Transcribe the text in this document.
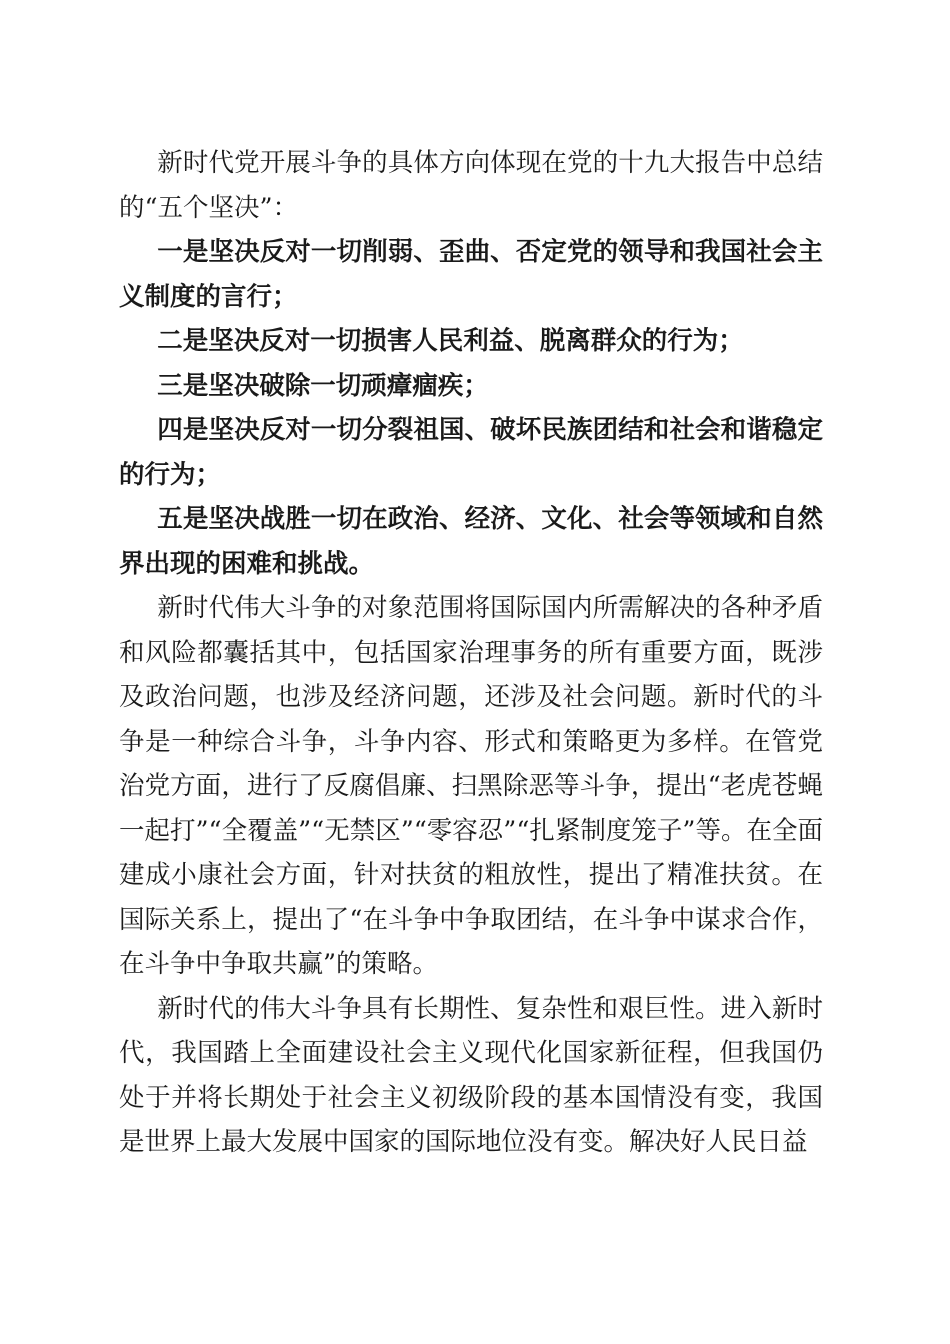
新时代党开展斗争的具体方向体现在党的十九大报告中总结的“五个坚决”：

一是坚决反对一切削弱、歪曲、否定党的领导和我国社会主义制度的言行；

二是坚决反对一切损害人民利益、脱离群众的行为；

三是坚决破除一切顽瘴痼疾；

四是坚决反对一切分裂祖国、破坏民族团结和社会和谐稳定的行为；

五是坚决战胜一切在政治、经济、文化、社会等领域和自然界出现的困难和挑战。

新时代伟大斗争的对象范围将国际国内所需解决的各种矛盾和风险都囊括其中，包括国家治理事务的所有重要方面，既涉及政治问题，也涉及经济问题，还涉及社会问题。新时代的斗争是一种综合斗争，斗争内容、形式和策略更为多样。在管党治党方面，进行了反腐倡廉、扫黑除恶等斗争，提出“老虎苍蝇一起打”“全覆盖”“无禁区”“零容忍”“扎紧制度笼子”等。在全面建成小康社会方面，针对扶贫的粗放性，提出了精准扶贫。在国际关系上，提出了“在斗争中争取团结，在斗争中谋求合作，在斗争中争取共赢”的策略。

新时代的伟大斗争具有长期性、复杂性和艰巨性。进入新时代，我国踏上全面建设社会主义现代化国家新征程，但我国仍处于并将长期处于社会主义初级阶段的基本国情没有变，我国是世界上最大发展中国家的国际地位没有变。解决好人民日益
